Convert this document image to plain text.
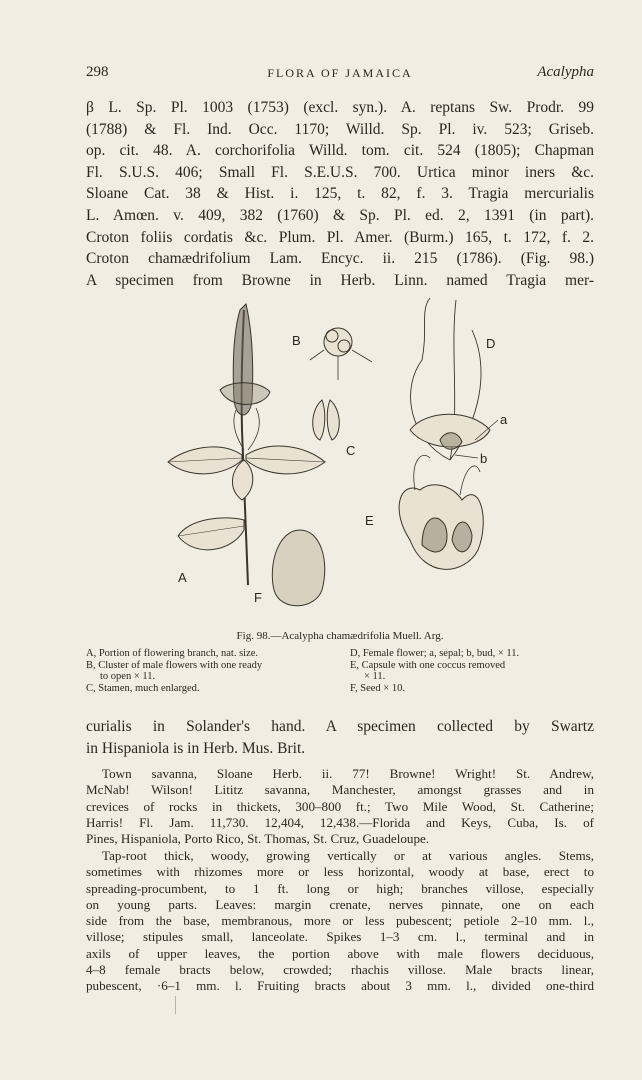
298	FLORA OF JAMAICA	Acalypha
β L. Sp. Pl. 1003 (1753) (excl. syn.). A. reptans Sw. Prodr. 99
(1788) & Fl. Ind. Occ. 1170; Willd. Sp. Pl. iv. 523; Griseb.
op. cit. 48. A. corchorifolia Willd. tom. cit. 524 (1805); Chapman
Fl. S.U.S. 406; Small Fl. S.E.U.S. 700. Urtica minor iners &c.
Sloane Cat. 38 & Hist. i. 125, t. 82, f. 3. Tragia mercurialis
L. Amœn. v. 409, 382 (1760) & Sp. Pl. ed. 2, 1391 (in part).
Croton foliis cordatis &c. Plum. Pl. Amer. (Burm.) 165, t. 172, f. 2.
Croton chamædrifolium Lam. Encyc. ii. 215 (1786). (Fig. 98.)
A specimen from Browne in Herb. Linn. named Tragia mer-
A
B
C
D
E
F
a
b
Fig. 98.—Acalypha chamædrifolia Muell. Arg.
A, Portion of flowering branch, nat. size.
B, Cluster of male flowers with one ready
to open × 11.
C, Stamen, much enlarged.
D, Female flower; a, sepal; b, bud, × 11.
E, Capsule with one coccus removed
× 11.
F, Seed × 10.
curialis in Solander's hand. A specimen collected by Swartz
in Hispaniola is in Herb. Mus. Brit.
Town savanna, Sloane Herb. ii. 77! Browne! Wright! St. Andrew,
McNab! Wilson! Lititz savanna, Manchester, amongst grasses and in
crevices of rocks in thickets, 300–800 ft.; Two Mile Wood, St. Catherine;
Harris! Fl. Jam. 11,730. 12,404, 12,438.—Florida and Keys, Cuba, Is. of
Pines, Hispaniola, Porto Rico, St. Thomas, St. Cruz, Guadeloupe.
Tap-root thick, woody, growing vertically or at various angles. Stems,
sometimes with rhizomes more or less horizontal, woody at base, erect to
spreading-procumbent, to 1 ft. long or high; branches villose, especially
on young parts. Leaves: margin crenate, nerves pinnate, one on each
side from the base, membranous, more or less pubescent; petiole 2–10 mm. l.,
villose; stipules small, lanceolate. Spikes 1–3 cm. l., terminal and in
axils of upper leaves, the portion above with male flowers deciduous,
4–8 female bracts below, crowded; rhachis villose. Male bracts linear,
pubescent, ·6–1 mm. l. Fruiting bracts about 3 mm. l., divided one-third
